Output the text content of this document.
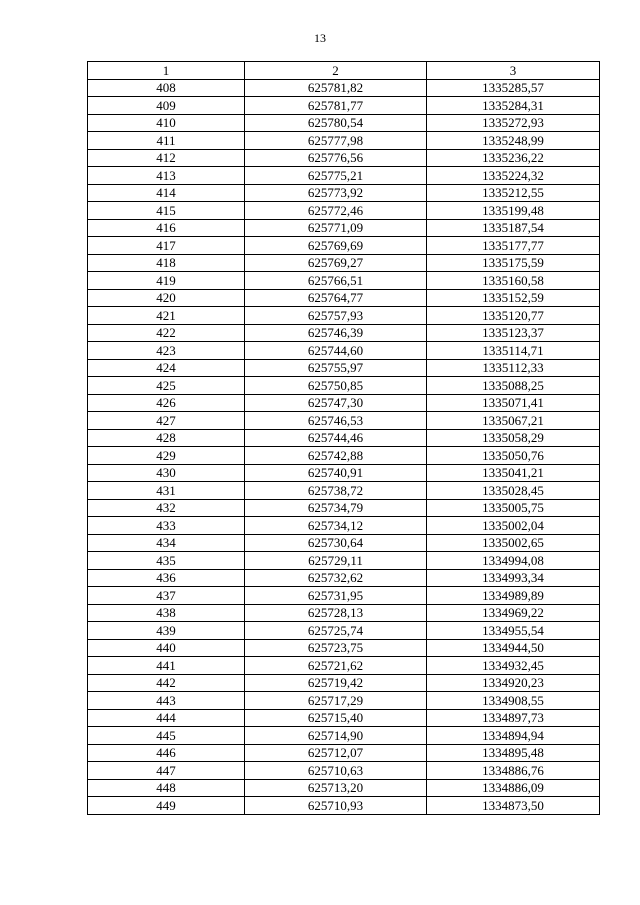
13
1	2	3
408	625781,82	1335285,57
409	625781,77	1335284,31
410	625780,54	1335272,93
411	625777,98	1335248,99
412	625776,56	1335236,22
413	625775,21	1335224,32
414	625773,92	1335212,55
415	625772,46	1335199,48
416	625771,09	1335187,54
417	625769,69	1335177,77
418	625769,27	1335175,59
419	625766,51	1335160,58
420	625764,77	1335152,59
421	625757,93	1335120,77
422	625746,39	1335123,37
423	625744,60	1335114,71
424	625755,97	1335112,33
425	625750,85	1335088,25
426	625747,30	1335071,41
427	625746,53	1335067,21
428	625744,46	1335058,29
429	625742,88	1335050,76
430	625740,91	1335041,21
431	625738,72	1335028,45
432	625734,79	1335005,75
433	625734,12	1335002,04
434	625730,64	1335002,65
435	625729,11	1334994,08
436	625732,62	1334993,34
437	625731,95	1334989,89
438	625728,13	1334969,22
439	625725,74	1334955,54
440	625723,75	1334944,50
441	625721,62	1334932,45
442	625719,42	1334920,23
443	625717,29	1334908,55
444	625715,40	1334897,73
445	625714,90	1334894,94
446	625712,07	1334895,48
447	625710,63	1334886,76
448	625713,20	1334886,09
449	625710,93	1334873,50
